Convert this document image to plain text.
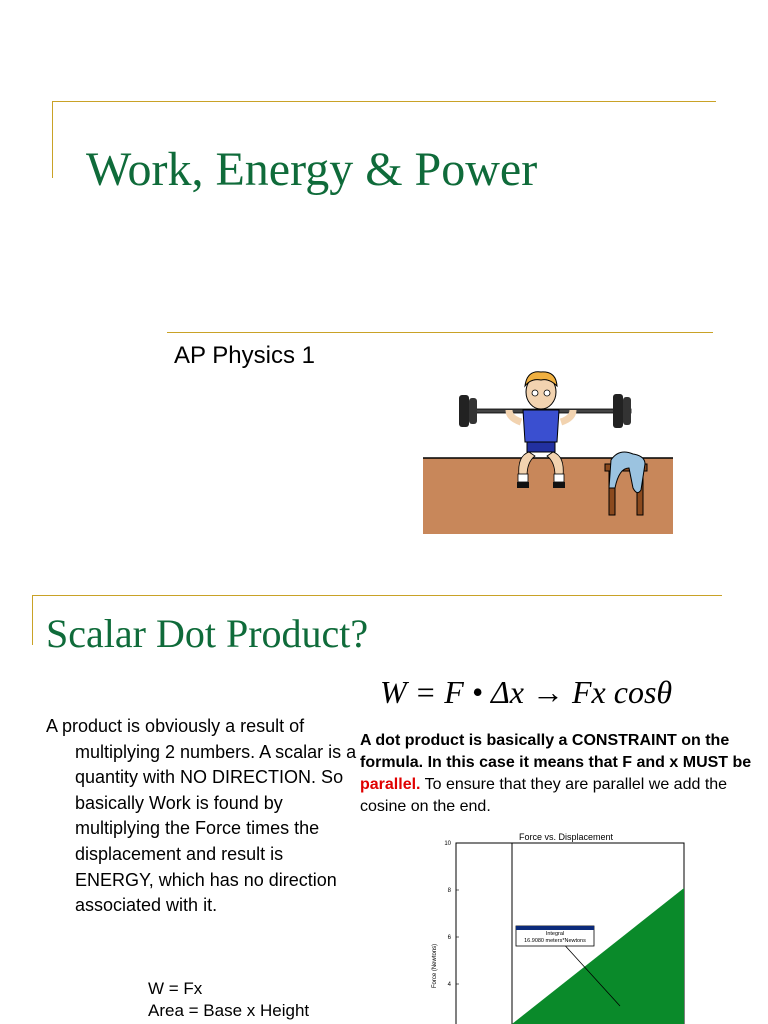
Work, Energy & Power
AP Physics 1
Scalar Dot Product?
W = F • Δx → Fx cosθ
A product is obviously a result of multiplying 2 numbers. A scalar is a quantity with NO DIRECTION. So basically Work is found by multiplying the Force times the displacement and result is ENERGY, which has no direction associated with it.
W = Fx
Area = Base x Height
A dot product is basically a CONSTRAINT on the formula. In this case it means that F and x MUST be parallel. To ensure that they are parallel we add the cosine on the end.
Force vs. Displacement
Integral
16.9080 meters*Newtons
Force (Newtons)
10
8
6
4
